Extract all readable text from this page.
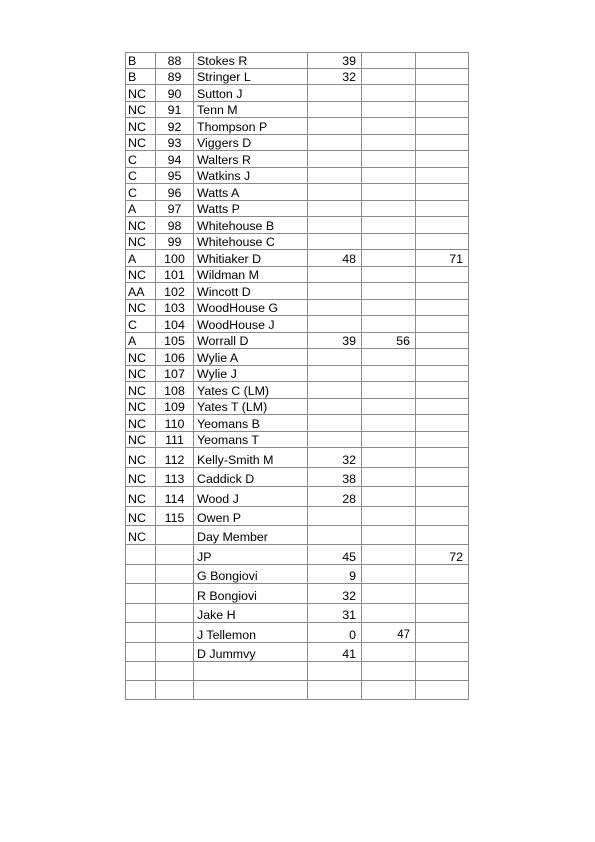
B	88	Stokes R	39		
B	89	Stringer L	32		
NC	90	Sutton J			
NC	91	Tenn M			
NC	92	Thompson P			
NC	93	Viggers D			
C	94	Walters R			
C	95	Watkins J			
C	96	Watts A			
A	97	Watts P			
NC	98	Whitehouse B			
NC	99	Whitehouse C			
A	100	Whitiaker D	48		71
NC	101	Wildman M			
AA	102	Wincott D			
NC	103	WoodHouse G			
C	104	WoodHouse J			
A	105	Worrall D	39	56	
NC	106	Wylie A			
NC	107	Wylie J			
NC	108	Yates C (LM)			
NC	109	Yates T (LM)			
NC	110	Yeomans B			
NC	111	Yeomans T			
NC	112	Kelly-Smith M	32		
NC	113	Caddick D	38		
NC	114	Wood J	28		
NC	115	Owen P			
NC		Day Member			
		JP	45		72
		G Bongiovi	9		
		R Bongiovi	32		
		Jake H	31		
		J Tellemon	0	47	
		D Jummvy	41		
